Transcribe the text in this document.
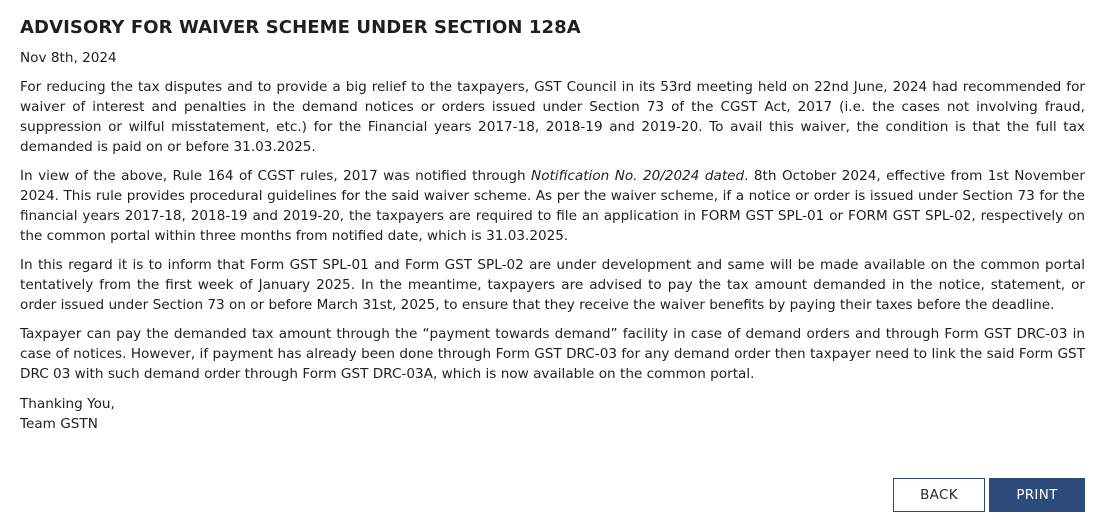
ADVISORY FOR WAIVER SCHEME UNDER SECTION 128A
Nov 8th, 2024

For reducing the tax disputes and to provide a big relief to the taxpayers, GST Council in its 53rd meeting held on 22nd June, 2024 had recommended for waiver of interest and penalties in the demand notices or orders issued under Section 73 of the CGST Act, 2017 (i.e. the cases not involving fraud, suppression or wilful misstatement, etc.) for the Financial years 2017-18, 2018-19 and 2019-20. To avail this waiver, the condition is that the full tax demanded is paid on or before 31.03.2025.

In view of the above, Rule 164 of CGST rules, 2017 was notified through Notification No. 20/2024 dated. 8th October 2024, effective from 1st November 2024. This rule provides procedural guidelines for the said waiver scheme. As per the waiver scheme, if a notice or order is issued under Section 73 for the financial years 2017-18, 2018-19 and 2019-20, the taxpayers are required to file an application in FORM GST SPL-01 or FORM GST SPL-02, respectively on the common portal within three months from notified date, which is 31.03.2025.

In this regard it is to inform that Form GST SPL-01 and Form GST SPL-02 are under development and same will be made available on the common portal tentatively from the first week of January 2025. In the meantime, taxpayers are advised to pay the tax amount demanded in the notice, statement, or order issued under Section 73 on or before March 31st, 2025, to ensure that they receive the waiver benefits by paying their taxes before the deadline.

Taxpayer can pay the demanded tax amount through the “payment towards demand” facility in case of demand orders and through Form GST DRC-03 in case of notices. However, if payment has already been done through Form GST DRC-03 for any demand order then taxpayer need to link the said Form GST DRC 03 with such demand order through Form GST DRC-03A, which is now available on the common portal.

Thanking You,
Team GSTN
BACK	PRINT
